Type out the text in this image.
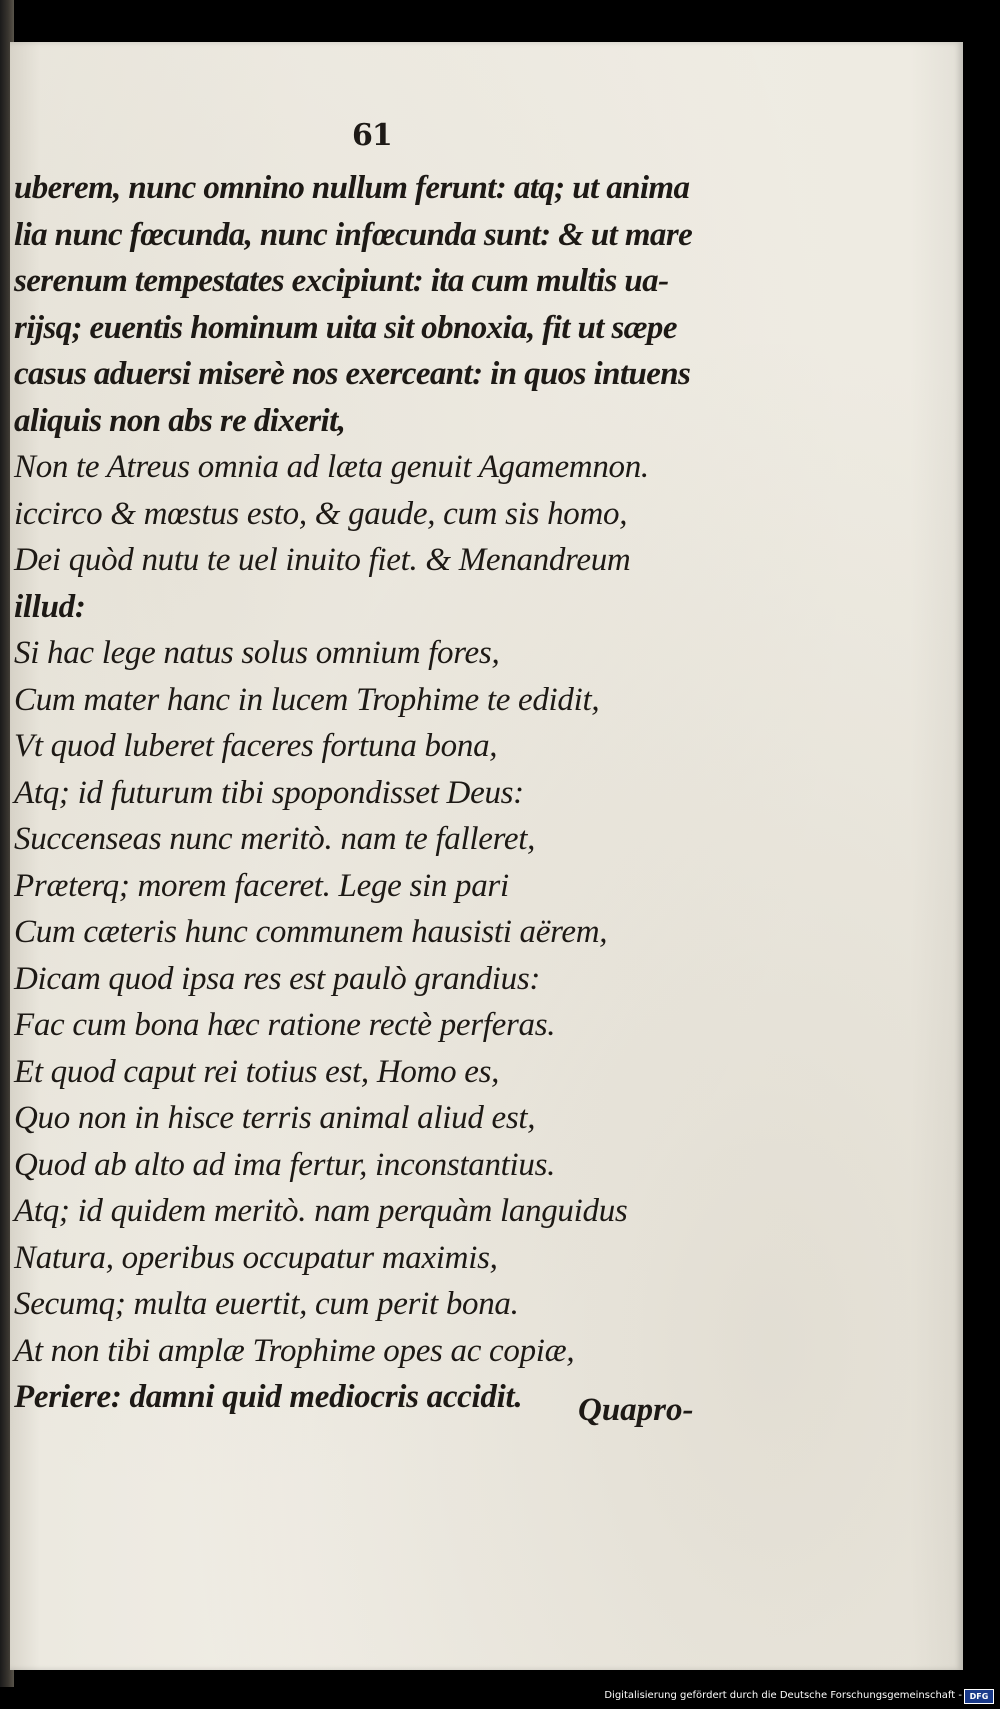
61
uberem, nunc omnino nullum ferunt: atq; ut anima
lia nunc fœcunda, nunc infœcunda sunt: & ut mare
serenum tempestates excipiunt: ita cum multis ua-
rijsq; euentis hominum uita sit obnoxia, fit ut sæpe
casus aduersi miserè nos exerceant: in quos intuens
aliquis non abs re dixerit,
Non te Atreus omnia ad læta genuit Agamemnon.
iccirco & mœstus esto, & gaude, cum sis homo,
Dei quòd nutu te uel inuito fiet. & Menandreum
illud:
Si hac lege natus solus omnium fores,
Cum mater hanc in lucem Trophime te edidit,
Vt quod luberet faceres fortuna bona,
Atq; id futurum tibi spopondisset Deus:
Succenseas nunc meritò. nam te falleret,
Præterq; morem faceret. Lege sin pari
Cum cæteris hunc communem hausisti aërem,
Dicam quod ipsa res est paulò grandius:
Fac cum bona hæc ratione rectè perferas.
Et quod caput rei totius est, Homo es,
Quo non in hisce terris animal aliud est,
Quod ab alto ad ima fertur, inconstantius.
Atq; id quidem meritò. nam perquàm languidus
Natura, operibus occupatur maximis,
Secumq; multa euertit, cum perit bona.
At non tibi amplæ Trophime opes ac copiæ,
Periere: damni quid mediocris accidit.	Quapro-
Digitalisierung gefördert durch die Deutsche Forschungsgemeinschaft - DFG
